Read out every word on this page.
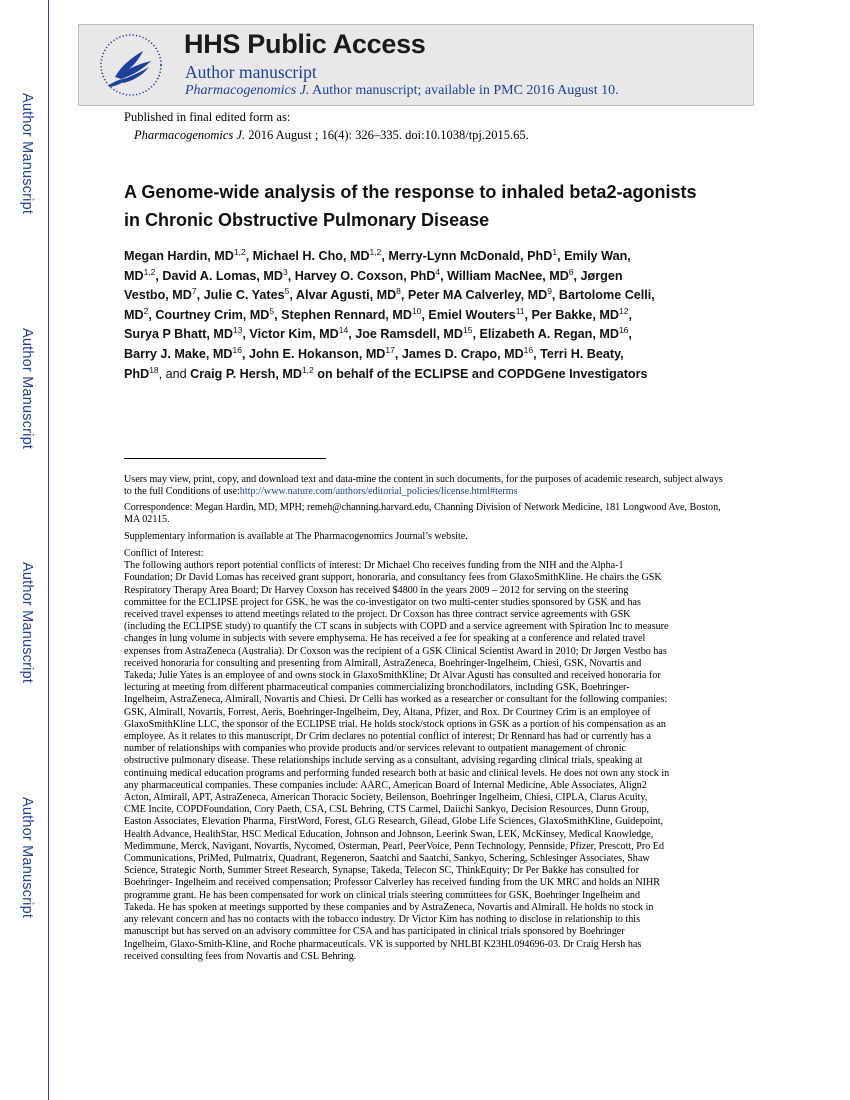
Author Manuscript
Author Manuscript
Author Manuscript
Author Manuscript
HHS Public Access
Author manuscript
Pharmacogenomics J. Author manuscript; available in PMC 2016 August 10.
Published in final edited form as:
Pharmacogenomics J. 2016 August ; 16(4): 326–335. doi:10.1038/tpj.2015.65.
A Genome-wide analysis of the response to inhaled beta2-agonists in Chronic Obstructive Pulmonary Disease
Megan Hardin, MD$^{1,2}$, Michael H. Cho, MD$^{1,2}$, Merry-Lynn McDonald, PhD$^1$, Emily Wan,
MD$^{1,2}$, David A. Lomas, $MD^3$, Harvey O. Coxson, PhD$^4$, William MacNee, $MD^6$, Jørgen
Vestbo, $MD^7$, Julie C. Yates$^5$, Alvar Agusti, $MD^8$, Peter MA Calverley, $MD^9$, Bartolome Celli,
$MD^2$, Courtney Crim, $MD^5$, Stephen Rennard, MD$^{10}$, Emiel Wouters$^{11}$, Per Bakke, MD$^{12}$,
Surya P Bhatt, MD$^{13}$, Victor Kim, MD$^{14}$, Joe Ramsdell, MD$^{15}$, Elizabeth A. Regan, MD$^{16}$,
Barry J. Make, MD$^{16}$, John E. Hokanson, MD$^{17}$, James D. Crapo, MD$^{16}$, Terri H. Beaty,
PhD$^{18}$, and Craig P. Hersh, MD$^{1,2}$ on behalf of the ECLIPSE and COPDGene Investigators
Users may view, print, copy, and download text and data-mine the content in such documents, for the purposes of academic research, subject always to the full Conditions of use:http://www.nature.com/authors/editorial_policies/license.html#terms
Correspondence: Megan Hardin, MD, MPH; remeh@channing.harvard.edu, Channing Division of Network Medicine, 181 Longwood Ave, Boston, MA 02115.
Supplementary information is available at The Pharmacogenomics Journal’s website.
Conflict of Interest:
The following authors report potential conflicts of interest: Dr Michael Cho receives funding from the NIH and the Alpha-1
Foundation; Dr David Lomas has received grant support, honoraria, and consultancy fees from GlaxoSmithKline. He chairs the GSK
Respiratory Therapy Area Board; Dr Harvey Coxson has received $4800 in the years 2009 – 2012 for serving on the steering
committee for the ECLIPSE project for GSK, he was the co-investigator on two multi-center studies sponsored by GSK and has
received travel expenses to attend meetings related to the project. Dr Coxson has three contract service agreements with GSK
(including the ECLIPSE study) to quantify the CT scans in subjects with COPD and a service agreement with Spiration Inc to measure
changes in lung volume in subjects with severe emphysema. He has received a fee for speaking at a conference and related travel
expenses from AstraZeneca (Australia). Dr Coxson was the recipient of a GSK Clinical Scientist Award in 2010; Dr Jørgen Vestbo has
received honoraria for consulting and presenting from Almirall, AstraZeneca, Boehringer-Ingelheim, Chiesi, GSK, Novartis and
Takeda; Julie Yates is an employee of and owns stock in GlaxoSmithKline; Dr Alvar Agusti has consulted and received honoraria for
lecturing at meeting from different pharmaceutical companies commercializing bronchodilators, including GSK, Boehringer-
Ingelheim, AstraZeneca, Almirall, Novartis and Chiesi. Dr Celli has worked as a researcher or consultant for the following companies:
GSK, Almirall, Novartis, Forrest, Aeris, Boehringer-Ingelheim, Dey, Altana, Pfizer, and Rox. Dr Courtney Crim is an employee of
GlaxoSmithKline LLC, the sponsor of the ECLIPSE trial. He holds stock/stock options in GSK as a portion of his compensation as an
employee. As it relates to this manuscript, Dr Crim declares no potential conflict of interest; Dr Rennard has had or currently has a
number of relationships with companies who provide products and/or services relevant to outpatient management of chronic
obstructive pulmonary disease. These relationships include serving as a consultant, advising regarding clinical trials, speaking at
continuing medical education programs and performing funded research both at basic and clinical levels. He does not own any stock in
any pharmaceutical companies. These companies include: AARC, American Board of Internal Medicine, Able Associates, Align2
Acton, Almirall, APT, AstraZeneca, American Thoracic Society, Beilenson, Boehringer Ingelheim, Chiesi, CIPLA, Clarus Acuity,
CME Incite, COPDFoundation, Cory Paeth, CSA, CSL Behring, CTS Carmel, Daiichi Sankyo, Decision Resources, Dunn Group,
Easton Associates, Elevation Pharma, FirstWord, Forest, GLG Research, Gilead, Globe Life Sciences, GlaxoSmithKline, Guidepoint,
Health Advance, HealthStar, HSC Medical Education, Johnson and Johnson, Leerink Swan, LEK, McKinsey, Medical Knowledge,
Medimmune, Merck, Navigant, Novartis, Nycomed, Osterman, Pearl, PeerVoice, Penn Technology, Pennside, Pfizer, Prescott, Pro Ed
Communications, PriMed, Pulmatrix, Quadrant, Regeneron, Saatchi and Saatchi, Sankyo, Schering, Schlesinger Associates, Shaw
Science, Strategic North, Summer Street Research, Synapse, Takeda, Telecon SC, ThinkEquity; Dr Per Bakke has consulted for
Boehringer- Ingelheim and received compensation; Professor Calverley has received funding from the UK MRC and holds an NIHR
programme grant. He has been compensated for work on clinical trials steering committees for GSK, Boehringer Ingelheim and
Takeda. He has spoken at meetings supported by these companies and by AstraZeneca, Novartis and Almirall. He holds no stock in
any relevant concern and has no contacts with the tobacco industry. Dr Victor Kim has nothing to disclose in relationship to this
manuscript but has served on an advisory committee for CSA and has participated in clinical trials sponsored by Boehringer
Ingelheim, Glaxo-Smith-Kline, and Roche pharmaceuticals. VK is supported by NHLBI K23HL094696-03. Dr Craig Hersh has
received consulting fees from Novartis and CSL Behring.
